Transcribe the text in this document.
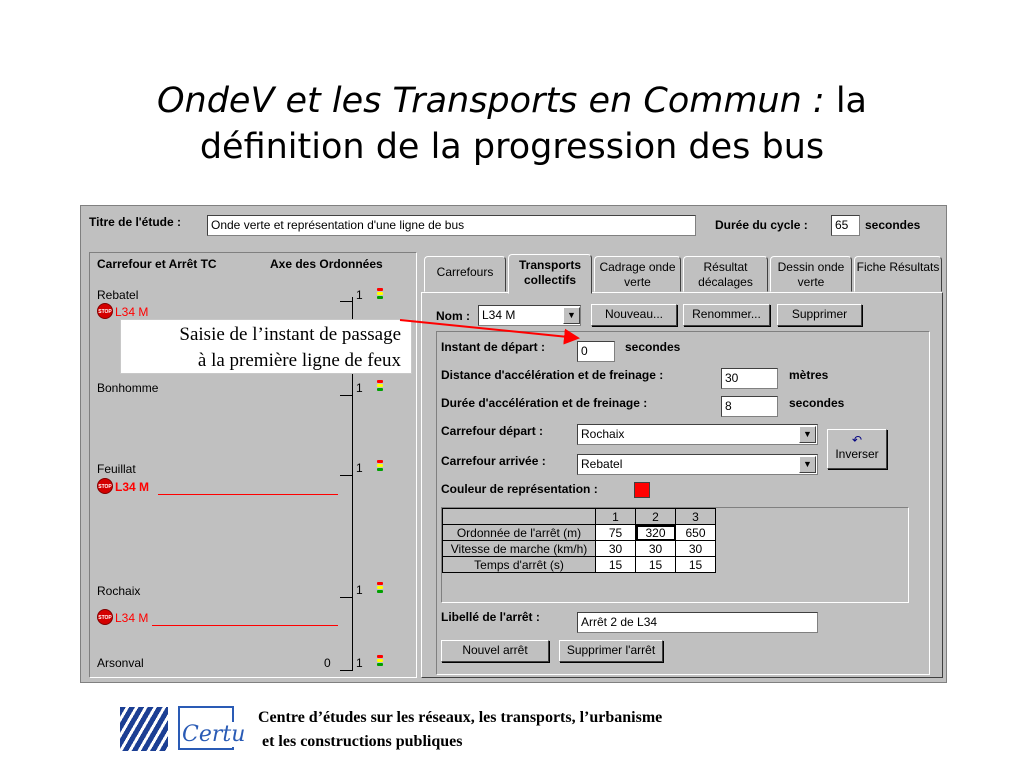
OndeV et les Transports en Commun : la
définition de la progression des bus
Titre de l'étude :	Onde verte et représentation d'une ligne de bus	Durée du cycle :	65	secondes
Carrefour et Arrêt TC	Axe des Ordonnées
Rebatel	1
STOP L34 M
Bonhomme	1
Feuillat	1
STOP L34 M
Rochaix	1
STOP L34 M
Arsonval	0 1
Carrefours	Transports collectifs
Cadrage onde verte
Résultat décalages
Dessin onde verte
Fiche Résultats
Nom :	L34 M	▼	Nouveau...	Renommer...	Supprimer
Instant de départ :	0	secondes
Distance d'accélération et de freinage :	30	mètres
Durée d'accélération et de freinage :	8	secondes
Carrefour départ :	Rochaix	▼
Carrefour arrivée :	Rebatel	▼
↶
Inverser
Couleur de représentation :
	1	2	3
Ordonnée de l'arrêt (m)	75	320	650
Vitesse de marche (km/h)	30	30	30
Temps d'arrêt (s)	15	15	15
Libellé de l'arrêt :	Arrêt 2 de L34
Nouvel arrêt	Supprimer l'arrêt
Saisie de l’instant de passage
à la première ligne de feux
Certu
Centre d’études sur les réseaux, les transports, l’urbanisme
et les constructions publiques
